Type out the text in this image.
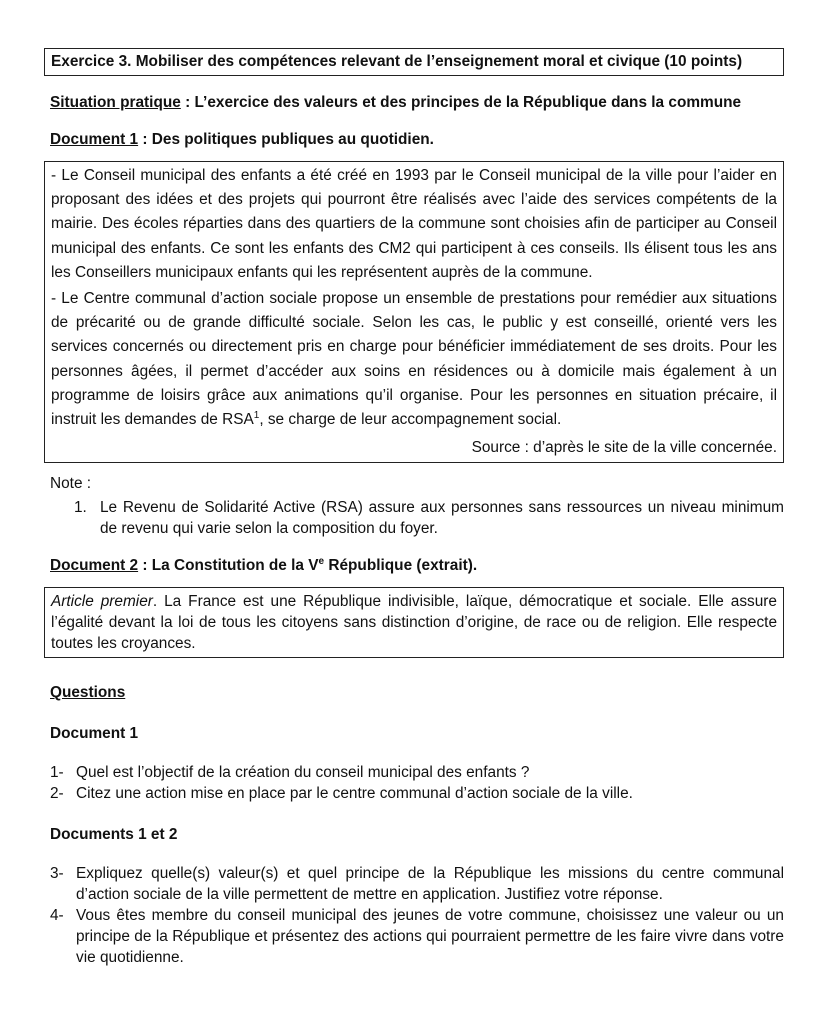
Exercice 3. Mobiliser des compétences relevant de l’enseignement moral et civique (10 points)
Situation pratique : L’exercice des valeurs et des principes de la République dans la commune
Document 1 : Des politiques publiques au quotidien.

- Le Conseil municipal des enfants a été créé en 1993 par le Conseil municipal de la ville pour l’aider en proposant des idées et des projets qui pourront être réalisés avec l’aide des services compétents de la mairie. Des écoles réparties dans des quartiers de la commune sont choisies afin de participer au Conseil municipal des enfants. Ce sont les enfants des CM2 qui participent à ces conseils. Ils élisent tous les ans les Conseillers municipaux enfants qui les représentent auprès de la commune.

- Le Centre communal d’action sociale propose un ensemble de prestations pour remédier aux situations de précarité ou de grande difficulté sociale. Selon les cas, le public y est conseillé, orienté vers les services concernés ou directement pris en charge pour bénéficier immédiatement de ses droits. Pour les personnes âgées, il permet d’accéder aux soins en résidences ou à domicile mais également à un programme de loisirs grâce aux animations qu’il organise. Pour les personnes en situation précaire, il instruit les demandes de RSA$^1$, se charge de leur accompagnement social.

Source : d’après le site de la ville concernée.
Note :
1. Le Revenu de Solidarité Active (RSA) assure aux personnes sans ressources un niveau minimum de revenu qui varie selon la composition du foyer.
Document 2 : La Constitution de la Ve République (extrait).
Article premier. La France est une République indivisible, laïque, démocratique et sociale. Elle assure l’égalité devant la loi de tous les citoyens sans distinction d’origine, de race ou de religion. Elle respecte toutes les croyances.
Questions
Document 1
1- Quel est l’objectif de la création du conseil municipal des enfants ?
2- Citez une action mise en place par le centre communal d’action sociale de la ville.
Documents 1 et 2
3- Expliquez quelle(s) valeur(s) et quel principe de la République les missions du centre communal d’action sociale de la ville permettent de mettre en application. Justifiez votre réponse.
4- Vous êtes membre du conseil municipal des jeunes de votre commune, choisissez une valeur ou un principe de la République et présentez des actions qui pourraient permettre de les faire vivre dans votre vie quotidienne.
